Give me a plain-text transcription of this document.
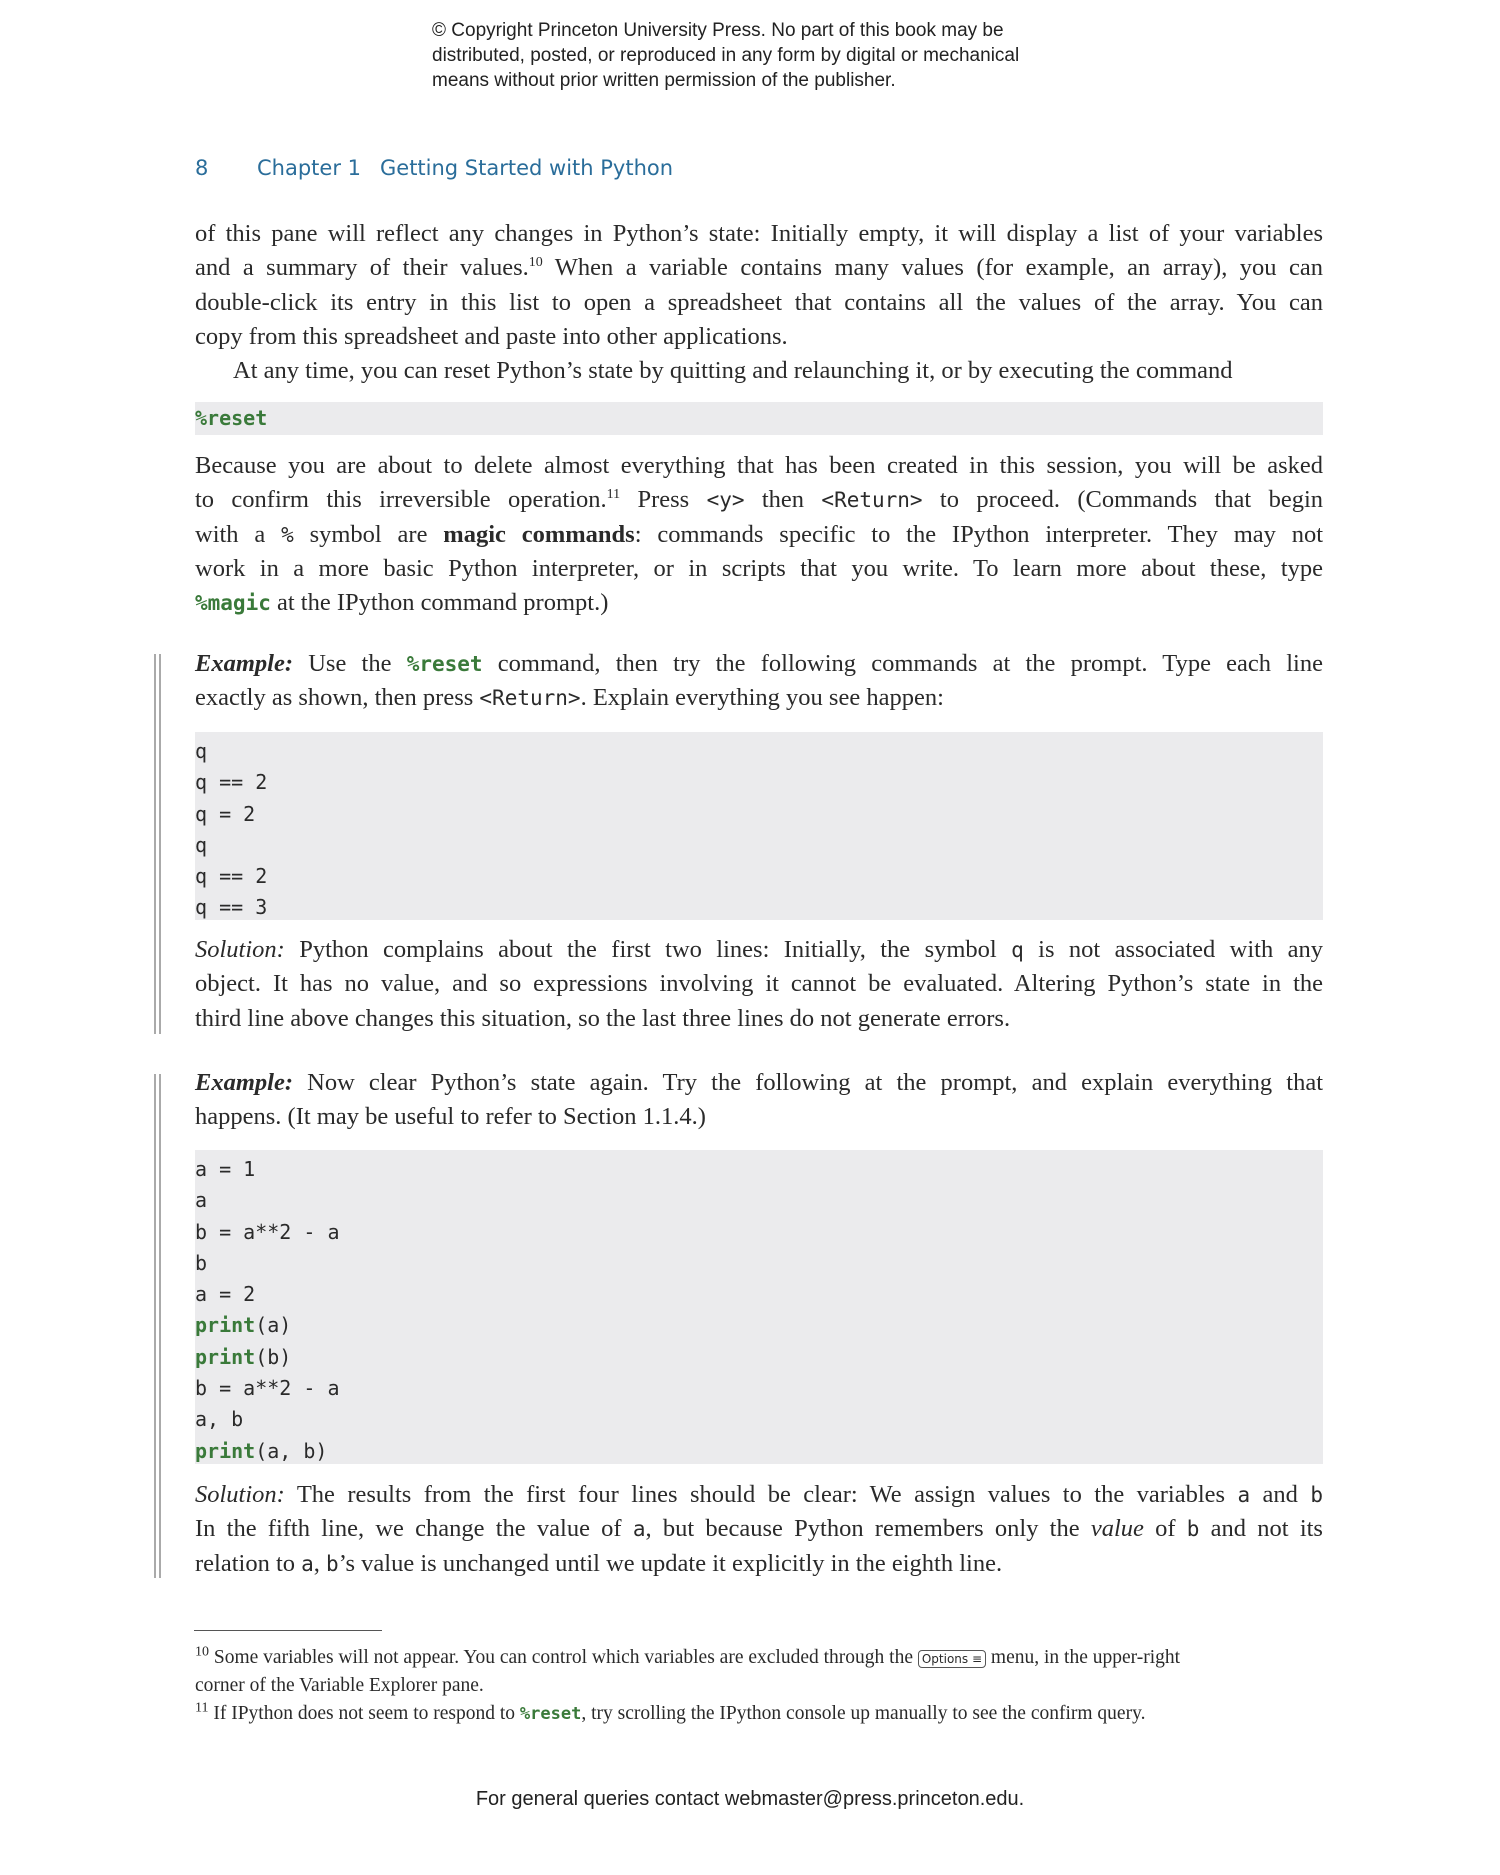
© Copyright Princeton University Press. No part of this book may be
distributed, posted, or reproduced in any form by digital or mechanical
means without prior written permission of the publisher.
8 Chapter 1 Getting Started with Python
of this pane will reflect any changes in Python’s state: Initially empty, it will display a list of your variables
and a summary of their values.$^{10}$ When a variable contains many values (for example, an array), you can
double-click its entry in this list to open a spreadsheet that contains all the values of the array. You can
copy from this spreadsheet and paste into other applications.
At any time, you can reset Python’s state by quitting and relaunching it, or by executing the command
%reset
Because you are about to delete almost everything that has been created in this session, you will be asked
to confirm this irreversible operation.$^{11}$ Press <y> then <Return> to proceed. (Commands that begin
with a % symbol are magic commands: commands specific to the IPython interpreter. They may not
work in a more basic Python interpreter, or in scripts that you write. To learn more about these, type
%magic at the IPython command prompt.)
Example: Use the %reset command, then try the following commands at the prompt. Type each line
exactly as shown, then press <Return>. Explain everything you see happen:
q
q == 2
q = 2
q
q == 2
q == 3
Solution: Python complains about the first two lines: Initially, the symbol q is not associated with any
object. It has no value, and so expressions involving it cannot be evaluated. Altering Python’s state in the
third line above changes this situation, so the last three lines do not generate errors.
Example: Now clear Python’s state again. Try the following at the prompt, and explain everything that
happens. (It may be useful to refer to Section 1.1.4.)
a = 1
a
b = a**2 - a
b
a = 2
print(a)
print(b)
b = a**2 - a
a, b
print(a, b)
Solution: The results from the first four lines should be clear: We assign values to the variables a and b
In the fifth line, we change the value of a, but because Python remembers only the value of b and not its
relation to a, b’s value is unchanged until we update it explicitly in the eighth line.
$^{10}$ Some variables will not appear. You can control which variables are excluded through the Options ≡ menu, in the upper-right
corner of the Variable Explorer pane.
$^{11}$ If IPython does not seem to respond to %reset, try scrolling the IPython console up manually to see the confirm query.
For general queries contact webmaster@press.princeton.edu.
